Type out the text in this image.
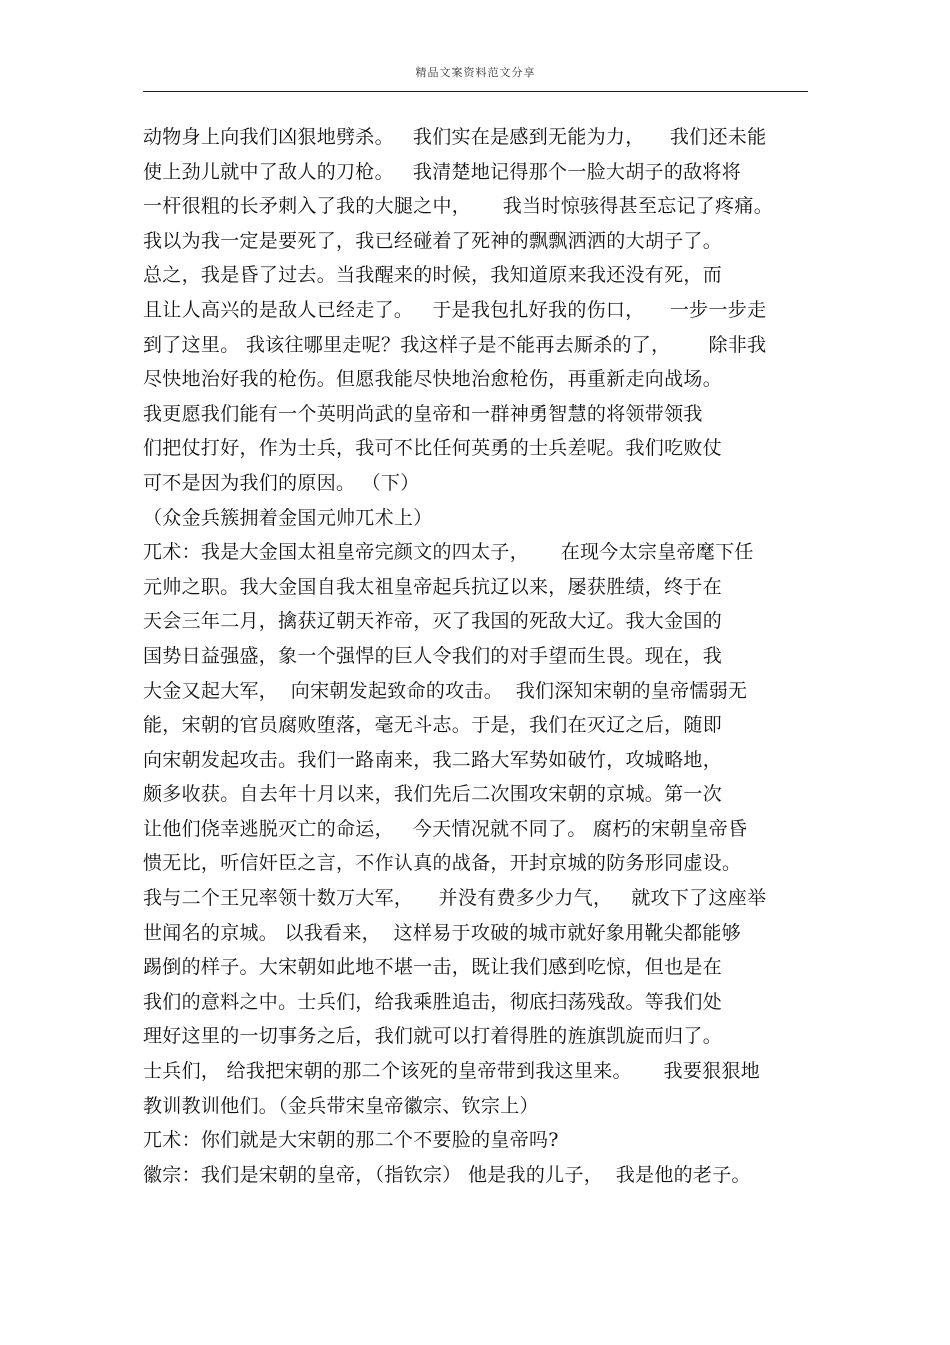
精品文案资料范文分享
动物身上向我们凶狠地劈杀。   我们实在是感到无能为力，    我们还未能
使上劲儿就中了敌人的刀枪。   我清楚地记得那个一脸大胡子的敌将将
一杆很粗的长矛刺入了我的大腿之中，     我当时惊骇得甚至忘记了疼痛。
我以为我一定是要死了，我已经碰着了死神的飘飘洒洒的大胡子了。
总之，我是昏了过去。当我醒来的时候，我知道原来我还没有死，而
且让人高兴的是敌人已经走了。   于是我包扎好我的伤口，    一步一步走
到了这里。 我该往哪里走呢？我这样子是不能再去厮杀的了，      除非我
尽快地治好我的枪伤。但愿我能尽快地治愈枪伤，再重新走向战场。
我更愿我们能有一个英明尚武的皇帝和一群神勇智慧的将领带领我
们把仗打好，作为士兵，我可不比任何英勇的士兵差呢。我们吃败仗
可不是因为我们的原因。 （下）
（众金兵簇拥着金国元帅兀术上）
兀术：我是大金国太祖皇帝完颜文的四太子，     在现今太宗皇帝麾下任
元帅之职。我大金国自我太祖皇帝起兵抗辽以来，屡获胜绩，终于在
天会三年二月，擒获辽朝天祚帝，灭了我国的死敌大辽。我大金国的
国势日益强盛，象一个强悍的巨人令我们的对手望而生畏。现在，我
大金又起大军，  向宋朝发起致命的攻击。  我们深知宋朝的皇帝懦弱无
能，宋朝的官员腐败堕落，毫无斗志。于是，我们在灭辽之后，随即
向宋朝发起攻击。我们一路南来，我二路大军势如破竹，攻城略地，
颇多收获。自去年十月以来，我们先后二次围攻宋朝的京城。第一次
让他们侥幸逃脱灭亡的命运，   今天情况就不同了。 腐朽的宋朝皇帝昏
愦无比，听信奸臣之言，不作认真的战备，开封京城的防务形同虚设。
我与二个王兄率领十数万大军，    并没有费多少力气，   就攻下了这座举
世闻名的京城。 以我看来，  这样易于攻破的城市就好象用靴尖都能够
踢倒的样子。大宋朝如此地不堪一击，既让我们感到吃惊，但也是在
我们的意料之中。士兵们，给我乘胜追击，彻底扫荡残敌。等我们处
理好这里的一切事务之后，我们就可以打着得胜的旌旗凯旋而归了。
士兵们， 给我把宋朝的那二个该死的皇帝带到我这里来。     我要狠狠地
教训教训他们。（金兵带宋皇帝徽宗、钦宗上）
兀术：你们就是大宋朝的那二个不要脸的皇帝吗?
徽宗：我们是宋朝的皇帝，（指钦宗） 他是我的儿子，  我是他的老子。
